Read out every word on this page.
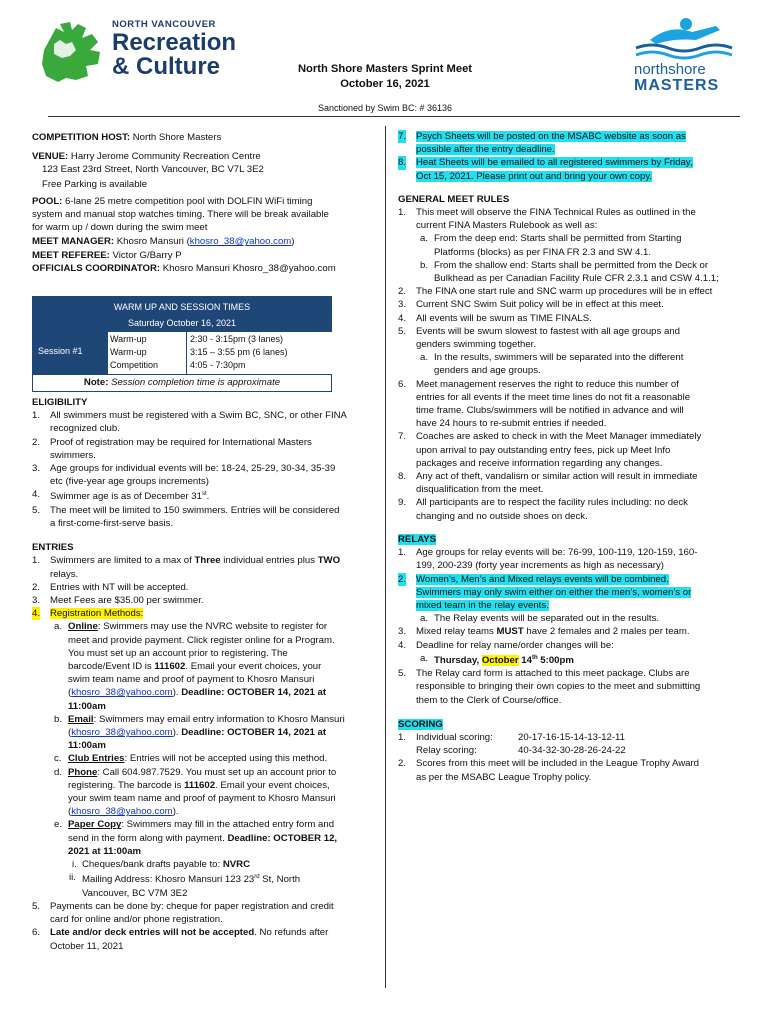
NORTH VANCOUVER
Recreation
& Culture	North Shore Masters Sprint Meet
October 16, 2021
northshore
MASTERS
Sanctioned by Swim BC: # 36136

COMPETITION HOST: North Shore Masters

VENUE: Harry Jerome Community Recreation Centre

123 East 23rd Street, North Vancouver, BC V7L 3E2

Free Parking is available

POOL: 6-lane 25 metre competition pool with DOLFIN WiFi timing

system and manual stop watches timing. There will be break available

for warm up / down during the swim meet

MEET MANAGER: Khosro Mansuri (khosro_38@yahoo.com)

MEET REFEREE: Victor G/Barry P

OFFICIALS COORDINATOR: Khosro Mansuri Khosro_38@yahoo.com

WARM UP AND SESSION TIMES
Saturday October 16, 2021
Session #1
Warm-up	2:30 - 3:15pm (3 lanes)
Warm-up	3:15 – 3:55 pm (6 lanes)
Competition	4:05 - 7:30pm
Note: Session completion time is approximate

ELIGIBILITY

1. All swimmers must be registered with a Swim BC, SNC, or other FINA
recognized club.
2. Proof of registration may be required for International Masters
swimmers.
3. Age groups for individual events will be: 18-24, 25-29, 30-34, 35-39
etc (five-year age groups increments)
4. Swimmer age is as of December 31st.
5. The meet will be limited to 150 swimmers. Entries will be considered
a first-come-first-serve basis.

ENTRIES

1. Swimmers are limited to a max of Three individual entries plus TWO
relays.
2. Entries with NT will be accepted.
3. Meet Fees are $35.00 per swimmer.
4. Registration Methods:
a. Online: Swimmers may use the NVRC website to register for
meet and provide payment. Click register online for a Program.
You must set up an account prior to registering. The
barcode/Event ID is 111602. Email your event choices, your
swim team name and proof of payment to Khosro Mansuri
(khosro_38@yahoo.com). Deadline: OCTOBER 14, 2021 at
11:00am
b. Email: Swimmers may email entry information to Khosro Mansuri
(khosro_38@yahoo.com). Deadline: OCTOBER 14, 2021 at
11:00am
c. Club Entries: Entries will not be accepted using this method.
d. Phone: Call 604.987.7529. You must set up an account prior to
registering. The barcode is 111602. Email your event choices,
your swim team name and proof of payment to Khosro Mansuri
(khosro_38@yahoo.com).
e. Paper Copy: Swimmers may fill in the attached entry form and
send in the form along with payment. Deadline: OCTOBER 12,
2021 at 11:00am
i. Cheques/bank drafts payable to: NVRC
ii. Mailing Address: Khosro Mansuri 123 23rd St, North
Vancouver, BC V7M 3E2
5. Payments can be done by: cheque for paper registration and credit
card for online and/or phone registration.
6. Late and/or deck entries will not be accepted. No refunds after
October 11, 2021
7. Psych Sheets will be posted on the MSABC website as soon as
possible after the entry deadline.
8. Heat Sheets will be emailed to all registered swimmers by Friday,
Oct 15, 2021. Please print out and bring your own copy.

GENERAL MEET RULES

1. This meet will observe the FINA Technical Rules as outlined in the
current FINA Masters Rulebook as well as:
a. From the deep end: Starts shall be permitted from Starting
Platforms (blocks) as per FINA FR 2.3 and SW 4.1.
b. From the shallow end: Starts shall be permitted from the Deck or
Bulkhead as per Canadian Facility Rule CFR 2.3.1 and CSW 4.1.1;
2. The FINA one start rule and SNC warm up procedures will be in effect
3. Current SNC Swim Suit policy will be in effect at this meet.
4. All events will be swum as TIME FINALS.
5. Events will be swum slowest to fastest with all age groups and
genders swimming together.
a. In the results, swimmers will be separated into the different
genders and age groups.
6. Meet management reserves the right to reduce this number of
entries for all events if the meet time lines do not fit a reasonable
time frame. Clubs/swimmers will be notified in advance and will
have 24 hours to re-submit entries if needed.
7. Coaches are asked to check in with the Meet Manager immediately
upon arrival to pay outstanding entry fees, pick up Meet Info
packages and receive information regarding any changes.
8. Any act of theft, vandalism or similar action will result in immediate
disqualification from the meet.
9. All participants are to respect the facility rules including: no deck
changing and no outside shoes on deck.

RELAYS

1. Age groups for relay events will be: 76-99, 100-119, 120-159, 160-
199, 200-239 (forty year increments as high as necessary)
2. Women’s, Men’s and Mixed relays events will be combined.
Swimmers may only swim either on either the men’s, women’s or
mixed team in the relay events.
a. The Relay events will be separated out in the results.
3. Mixed relay teams MUST have 2 females and 2 males per team.
4. Deadline for relay name/order changes will be:
a. Thursday, October 14th 5:00pm
5. The Relay card form is attached to this meet package. Clubs are
responsible to bringing their own copies to the meet and submitting
them to the Clerk of Course/office.

SCORING

1. Individual scoring:	20-17-16-15-14-13-12-11
Relay scoring:	40-34-32-30-28-26-24-22
2. Scores from this meet will be included in the League Trophy Award
as per the MSABC League Trophy policy.
